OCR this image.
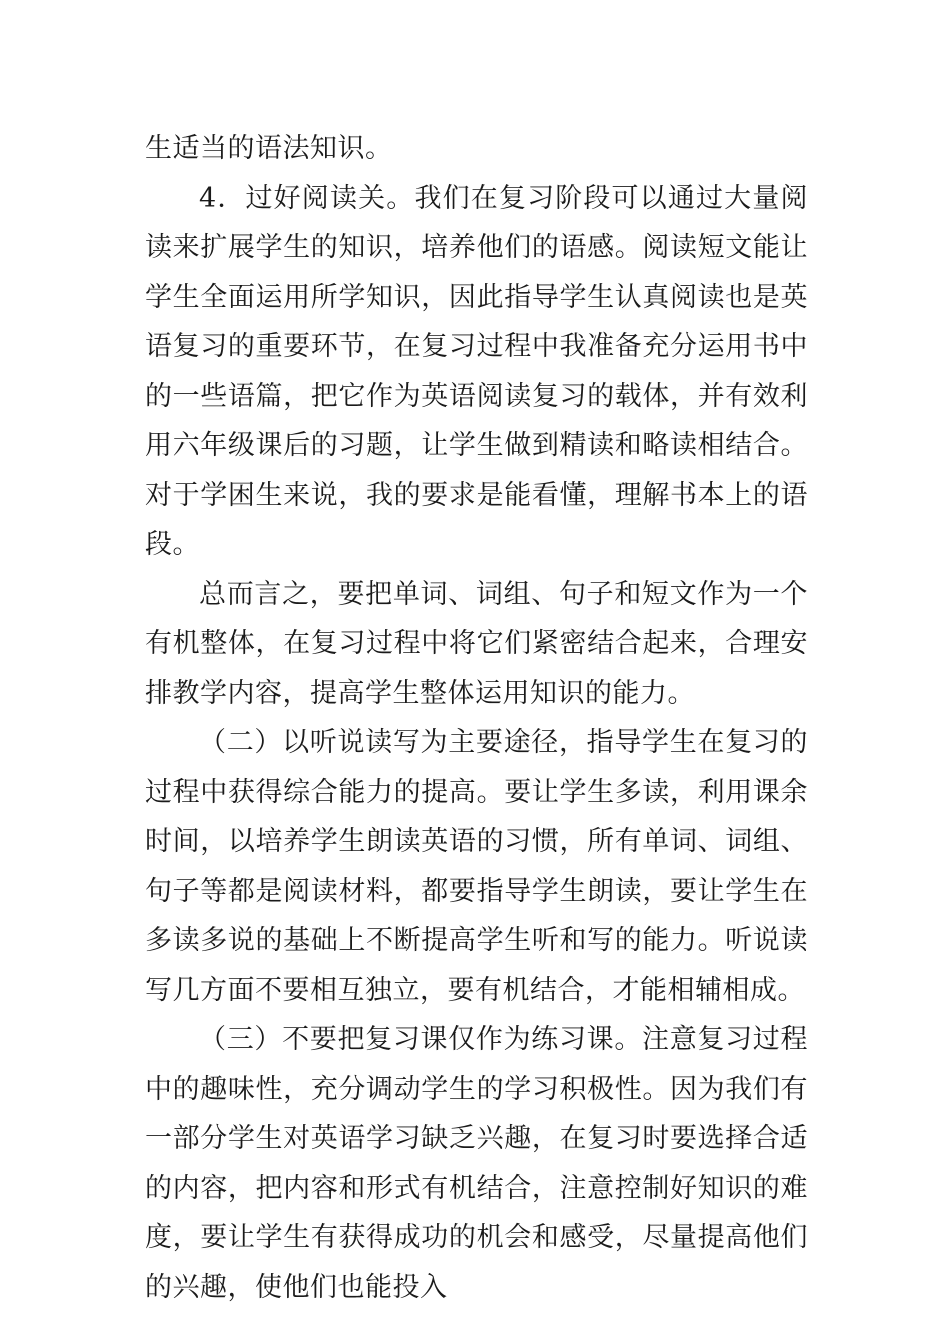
生适当的语法知识。

4．过好阅读关。我们在复习阶段可以通过大量阅读来扩展学生的知识，培养他们的语感。阅读短文能让学生全面运用所学知识，因此指导学生认真阅读也是英语复习的重要环节，在复习过程中我准备充分运用书中的一些语篇，把它作为英语阅读复习的载体，并有效利用六年级课后的习题，让学生做到精读和略读相结合。对于学困生来说，我的要求是能看懂，理解书本上的语段。

总而言之，要把单词、词组、句子和短文作为一个有机整体，在复习过程中将它们紧密结合起来，合理安排教学内容，提高学生整体运用知识的能力。

（二）以听说读写为主要途径，指导学生在复习的过程中获得综合能力的提高。要让学生多读，利用课余时间，以培养学生朗读英语的习惯，所有单词、词组、句子等都是阅读材料，都要指导学生朗读，要让学生在多读多说的基础上不断提高学生听和写的能力。听说读写几方面不要相互独立，要有机结合，才能相辅相成。

（三）不要把复习课仅作为练习课。注意复习过程中的趣味性，充分调动学生的学习积极性。因为我们有一部分学生对英语学习缺乏兴趣，在复习时要选择合适的内容，把内容和形式有机结合，注意控制好知识的难度，要让学生有获得成功的机会和感受，尽量提高他们的兴趣，使他们也能投入
